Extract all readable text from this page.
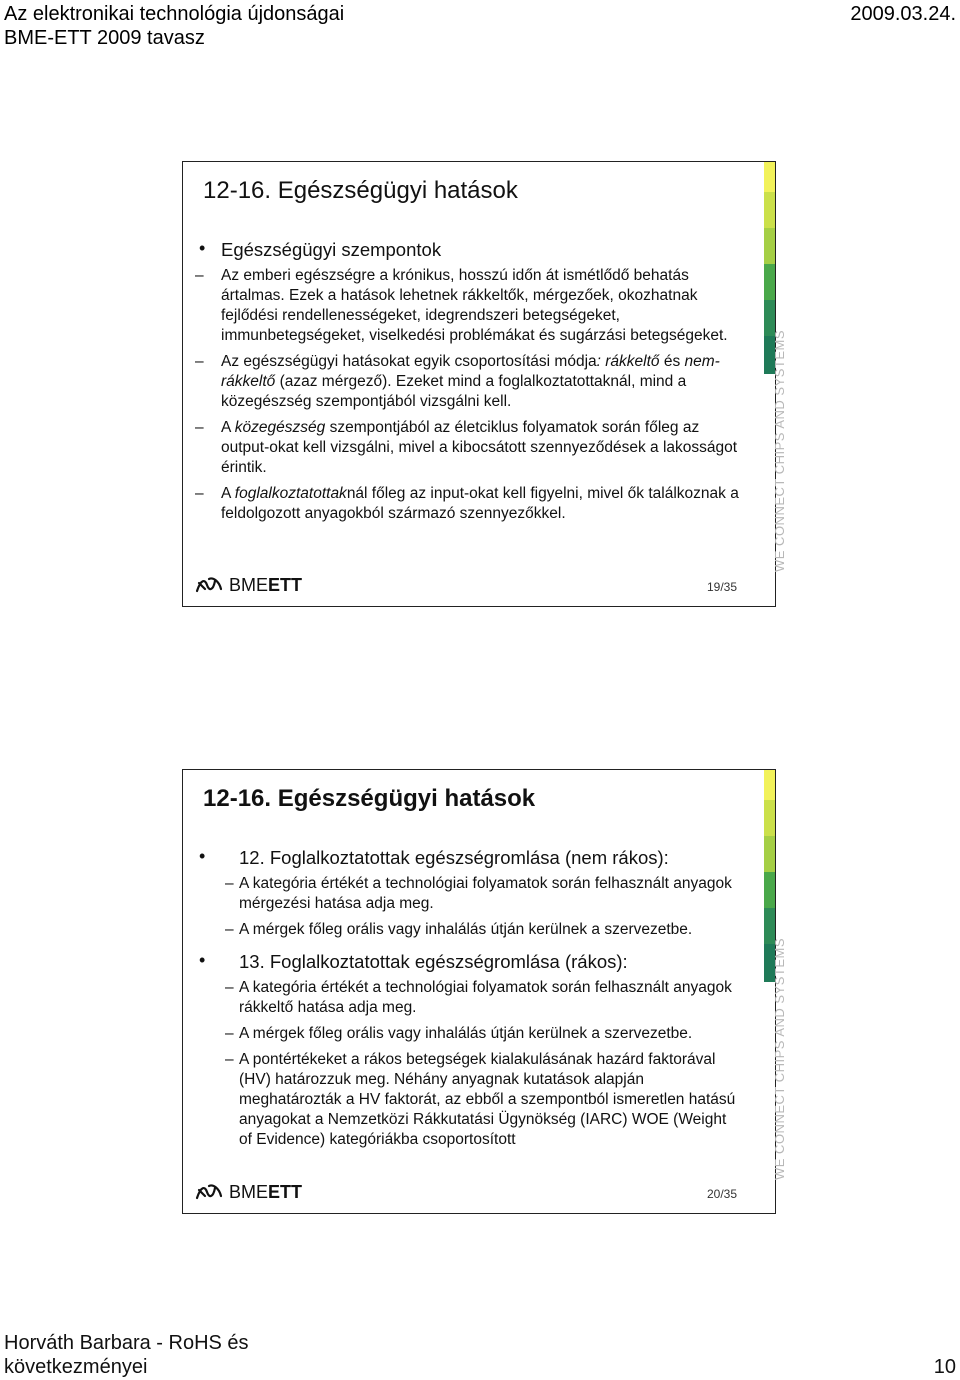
Az elektronikai technológia újdonságai
BME-ETT 2009 tavasz
2009.03.24.
WE CONNECT CHIPS AND SYSTEMS
12-16. Egészségügyi hatások
• Egészségügyi szempontok
– Az emberi egészségre a krónikus, hosszú időn át ismétlődő behatás ártalmas. Ezek a hatások lehetnek rákkeltők, mérgezőek, okozhatnak fejlődési rendellenességeket, idegrendszeri betegségeket, immunbetegségeket, viselkedési problémákat és sugárzási betegségeket.
– Az egészségügyi hatásokat egyik csoportosítási módja: rákkeltő és nem-rákkeltő (azaz mérgező). Ezeket mind a foglalkoztatottaknál, mind a közegészség szempontjából vizsgálni kell.
– A közegészség szempontjából az életciklus folyamatok során főleg az output-okat kell vizsgálni, mivel a kibocsátott szennyeződések a lakosságot érintik.
– A foglalkoztatottaknál főleg az input-okat kell figyelni, mivel ők találkoznak a feldolgozott anyagokból származó szennyezőkkel.
BMEETT	19/35
WE CONNECT CHIPS AND SYSTEMS
12-16. Egészségügyi hatások
•	12. Foglalkoztatottak egészségromlása (nem rákos):
– A kategória értékét a technológiai folyamatok során felhasznált anyagok mérgezési hatása adja meg.
– A mérgek főleg orális vagy inhalálás útján kerülnek a szervezetbe.
•	13. Foglalkoztatottak egészségromlása (rákos):
– A kategória értékét a technológiai folyamatok során felhasznált anyagok rákkeltő hatása adja meg.
– A mérgek főleg orális vagy inhalálás útján kerülnek a szervezetbe.
– A pontértékeket a rákos betegségek kialakulásának hazárd faktorával (HV) határozzuk meg. Néhány anyagnak kutatások alapján meghatározták a HV faktorát, az ebből a szempontból ismeretlen hatású anyagokat a Nemzetközi Rákkutatási Ügynökség (IARC) WOE (Weight of Evidence) kategóriákba csoportosított
BMEETT	20/35
Horváth Barbara - RoHS és
következményei	10
